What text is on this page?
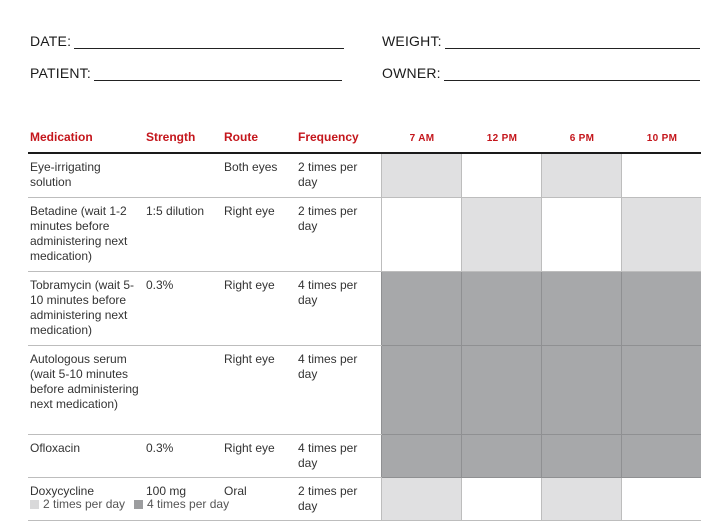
DATE:	WEIGHT:
PATIENT:	OWNER:
Medication	Strength	Route	Frequency	7 AM	12 PM	6 PM	10 PM
Eye-irrigating solution		Both eyes	2 times per day				
Betadine (wait 1-2 minutes before administering next medication)	1:5 dilution	Right eye	2 times per day				
Tobramycin (wait 5-10 minutes before administering next medication)	0.3%	Right eye	4 times per day				
Autologous serum (wait 5-10 minutes before administering next medication)		Right eye	4 times per day				
Ofloxacin	0.3%	Right eye	4 times per day				
Doxycycline	100 mg	Oral	2 times per day				
2 times per day 4 times per day
